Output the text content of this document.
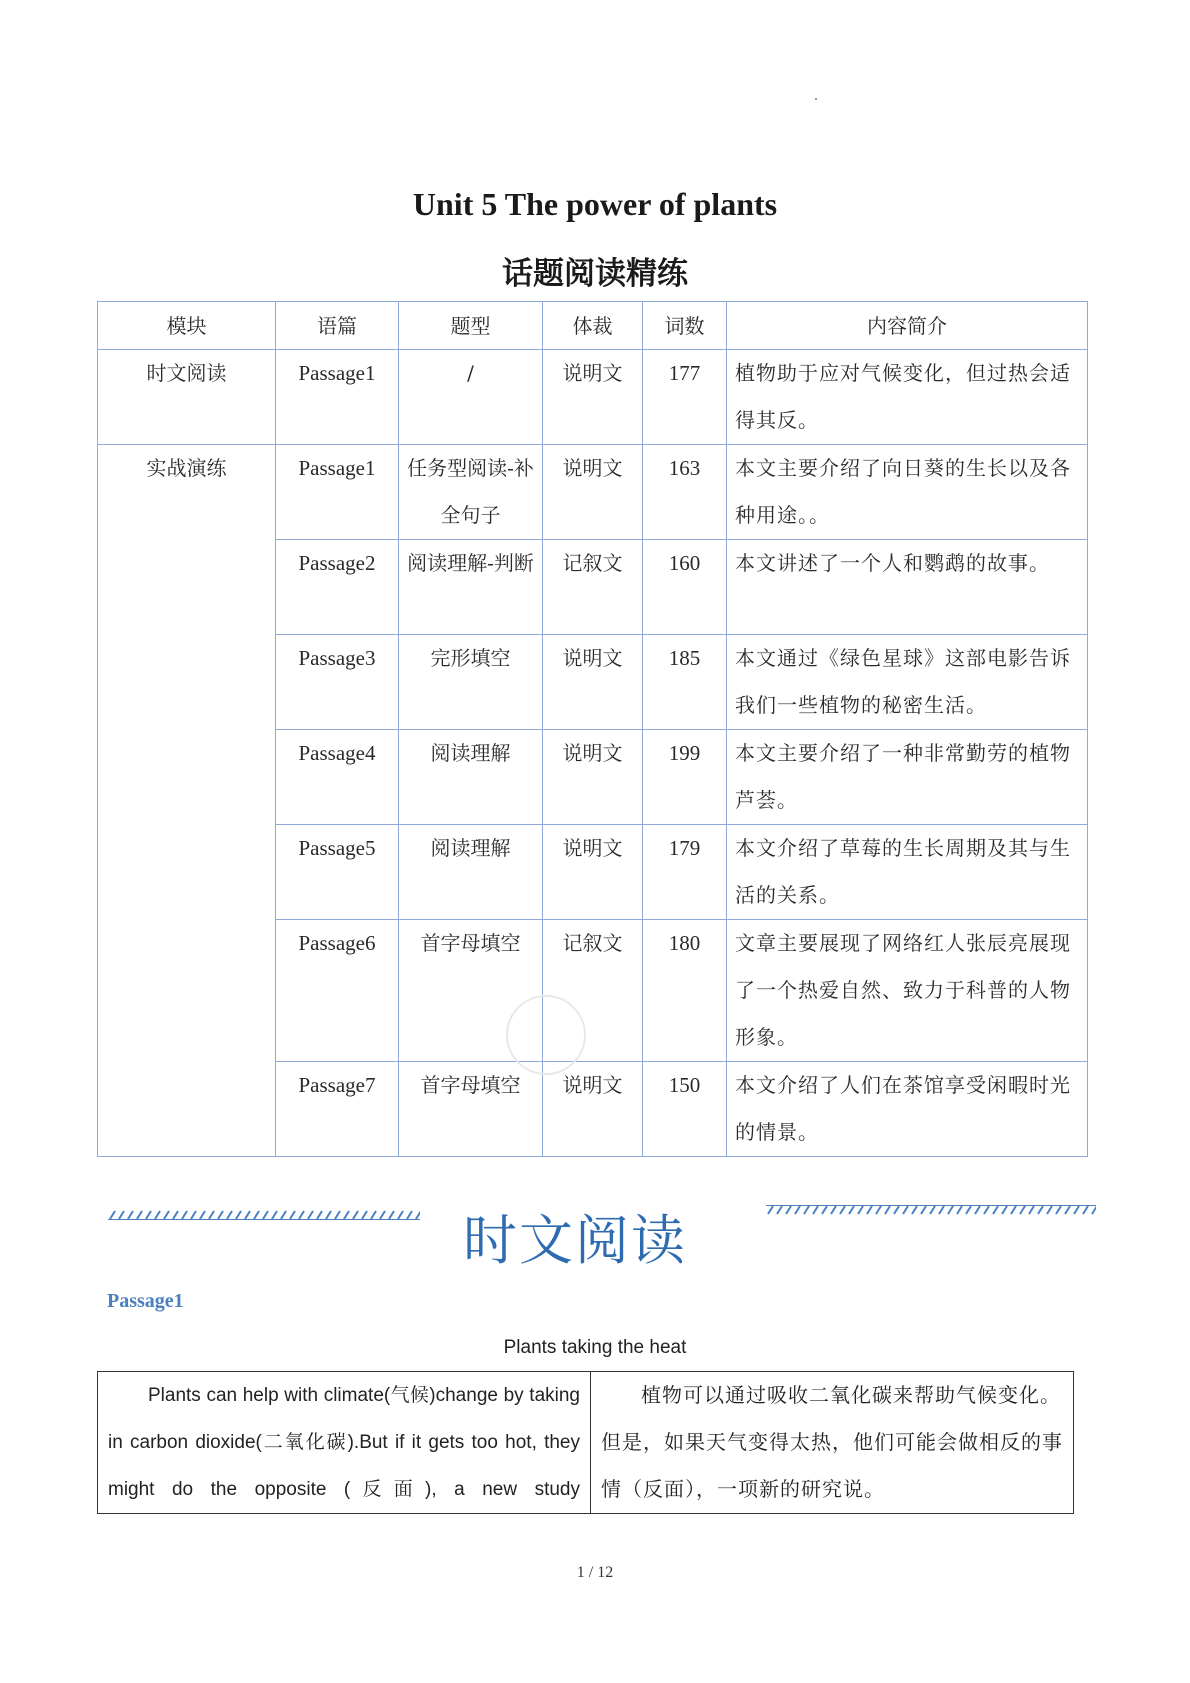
Unit 5 The power of plants
话题阅读精练
模块	语篇	题型	体裁	词数	内容简介
时文阅读	Passage1	/	说明文	177	植物助于应对气候变化，但过热会适得其反。
实战演练	Passage1	任务型阅读-补全句子	说明文	163	本文主要介绍了向日葵的生长以及各种用途。。
	Passage2	阅读理解-判断	记叙文	160	本文讲述了一个人和鹦鹉的故事。
	Passage3	完形填空	说明文	185	本文通过《绿色星球》这部电影告诉我们一些植物的秘密生活。
	Passage4	阅读理解	说明文	199	本文主要介绍了一种非常勤劳的植物芦荟。
	Passage5	阅读理解	说明文	179	本文介绍了草莓的生长周期及其与生活的关系。
	Passage6	首字母填空	记叙文	180	文章主要展现了网络红人张辰亮展现了一个热爱自然、致力于科普的人物形象。
	Passage7	首字母填空	说明文	150	本文介绍了人们在茶馆享受闲暇时光的情景。
时文阅读
Passage1
Plants taking the heat
Plants can help with climate(气候)change by taking in carbon dioxide(二氧化碳).But if it gets too hot, they might do the opposite (反面), a new study

植物可以通过吸收二氧化碳来帮助气候变化。但是，如果天气变得太热，他们可能会做相反的事情（反面），一项新的研究说。
1 / 12
